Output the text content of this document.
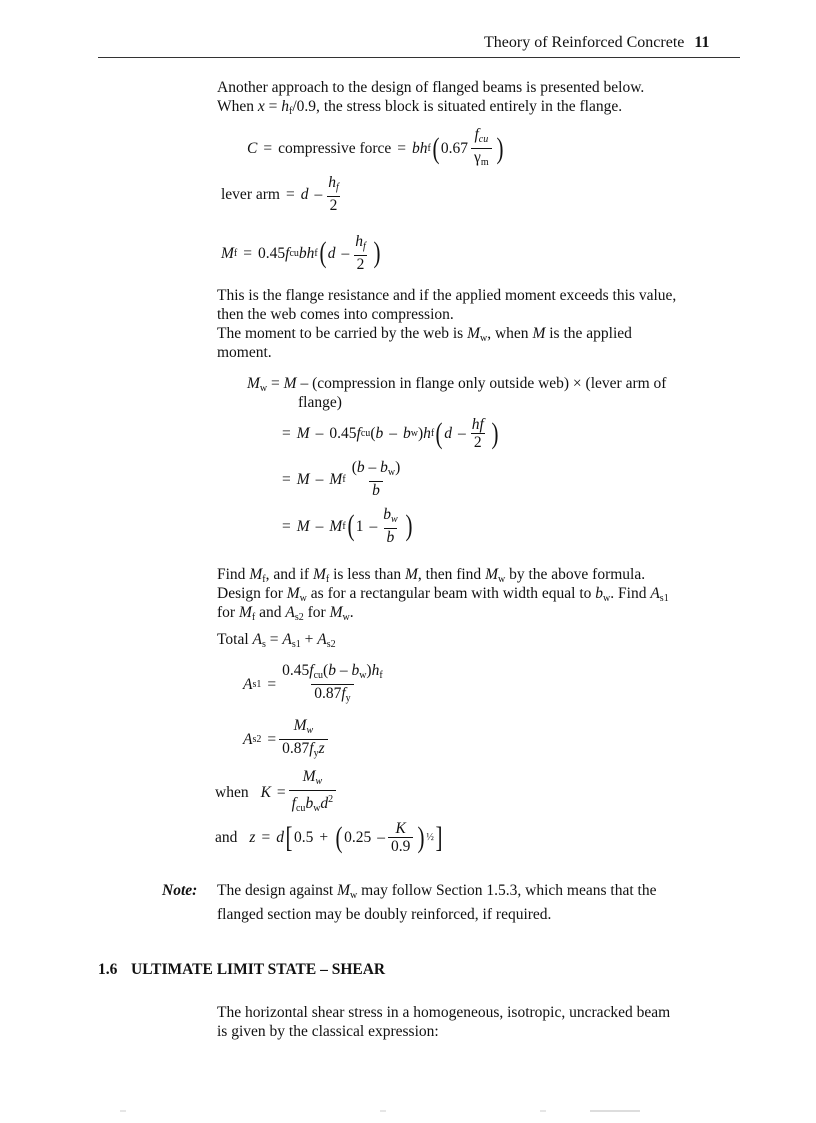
Theory of Reinforced Concrete 11
Another approach to the design of flanged beams is presented below.
When $x = h_f/0.9$, the stress block is situated entirely in the flange.
C = compressive force = bh f ( $0.67 \frac{f_{cu}}{\gamma_m}$ )
lever arm = d – $\frac{h_f}{2}$
M f = 0.45 f cu bh f ( d – $\frac{h_f}{2}$ )
This is the flange resistance and if the applied moment exceeds this value,
then the web comes into compression.
The moment to be carried by the web is $M_w$, when M is the applied
moment.
$M_w = M$ – (compression in flange only outside web) × (lever arm of
flange)
= M – 0.45 f cu ( b – b w ) h f ( d – $\frac{hf}{2}$ )
= M – M f $\frac{(b - b_w)}{b}$
= M – M f ( $1 - \frac{b_w}{b}$ )
Find $M_f$, and if $M_f$ is less than M, then find $M_w$ by the above formula.
Design for $M_w$ as for a rectangular beam with width equal to $b_w$. Find $A_{s1}$
for $M_f$ and $A_{s2}$ for $M_w$.
Total $A_s = A_{s1} + A_{s2}$
A $s1 = \frac{0.45f_{cu}(b - b_w)h_f}{0.87f_y}$
A $s2 = \frac{M_w}{0.87f_yz}$
when $K = \frac{M_w}{f_{cu}b_wd^2}$
and z = d [ 0.5 + ( $0.25 - \frac{K}{0.9}$ ) ½ ]
Note: The design against $M_w$ may follow Section 1.5.3, which means that the
flanged section may be doubly reinforced, if required.
1.6 ULTIMATE LIMIT STATE – SHEAR
The horizontal shear stress in a homogeneous, isotropic, uncracked beam
is given by the classical expression:
